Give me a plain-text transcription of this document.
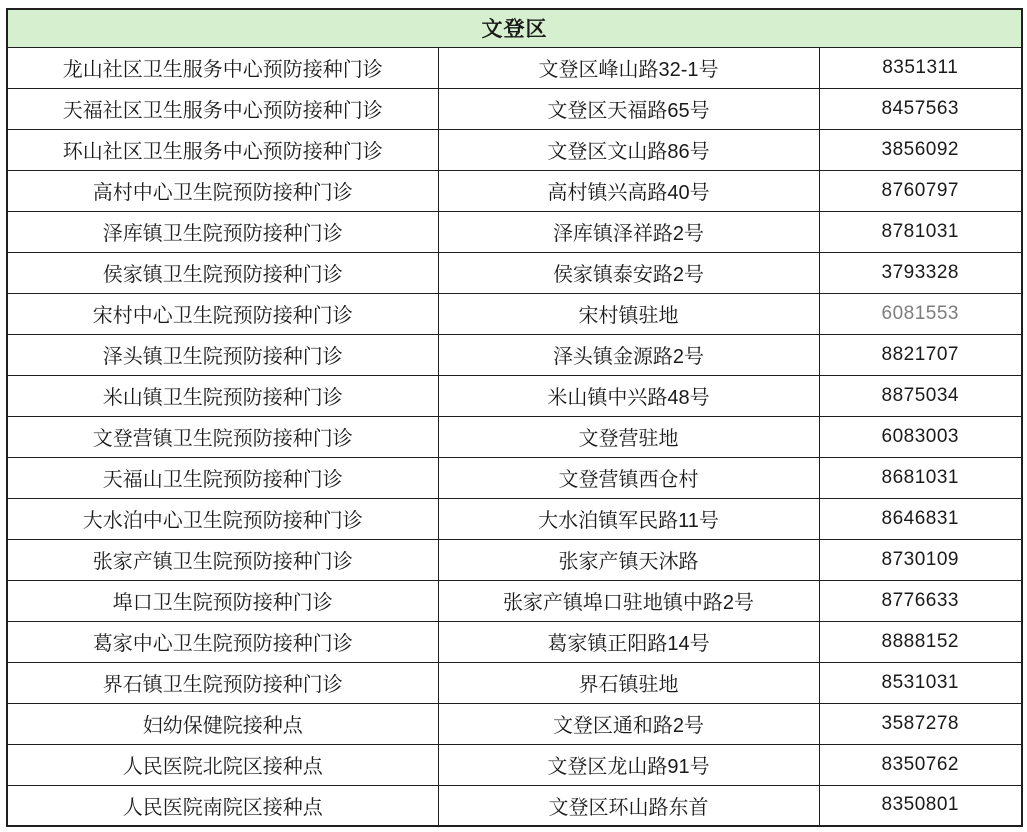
文登区		
龙山社区卫生服务中心预防接种门诊	文登区峰山路32-1号	8351311
天福社区卫生服务中心预防接种门诊	文登区天福路65号	8457563
环山社区卫生服务中心预防接种门诊	文登区文山路86号	3856092
高村中心卫生院预防接种门诊	高村镇兴高路40号	8760797
泽库镇卫生院预防接种门诊	泽库镇泽祥路2号	8781031
侯家镇卫生院预防接种门诊	侯家镇泰安路2号	3793328
宋村中心卫生院预防接种门诊	宋村镇驻地	6081553
泽头镇卫生院预防接种门诊	泽头镇金源路2号	8821707
米山镇卫生院预防接种门诊	米山镇中兴路48号	8875034
文登营镇卫生院预防接种门诊	文登营驻地	6083003
天福山卫生院预防接种门诊	文登营镇西仓村	8681031
大水泊中心卫生院预防接种门诊	大水泊镇军民路11号	8646831
张家产镇卫生院预防接种门诊	张家产镇天沐路	8730109
埠口卫生院预防接种门诊	张家产镇埠口驻地镇中路2号	8776633
葛家中心卫生院预防接种门诊	葛家镇正阳路14号	8888152
界石镇卫生院预防接种门诊	界石镇驻地	8531031
妇幼保健院接种点	文登区通和路2号	3587278
人民医院北院区接种点	文登区龙山路91号	8350762
人民医院南院区接种点	文登区环山路东首	8350801
